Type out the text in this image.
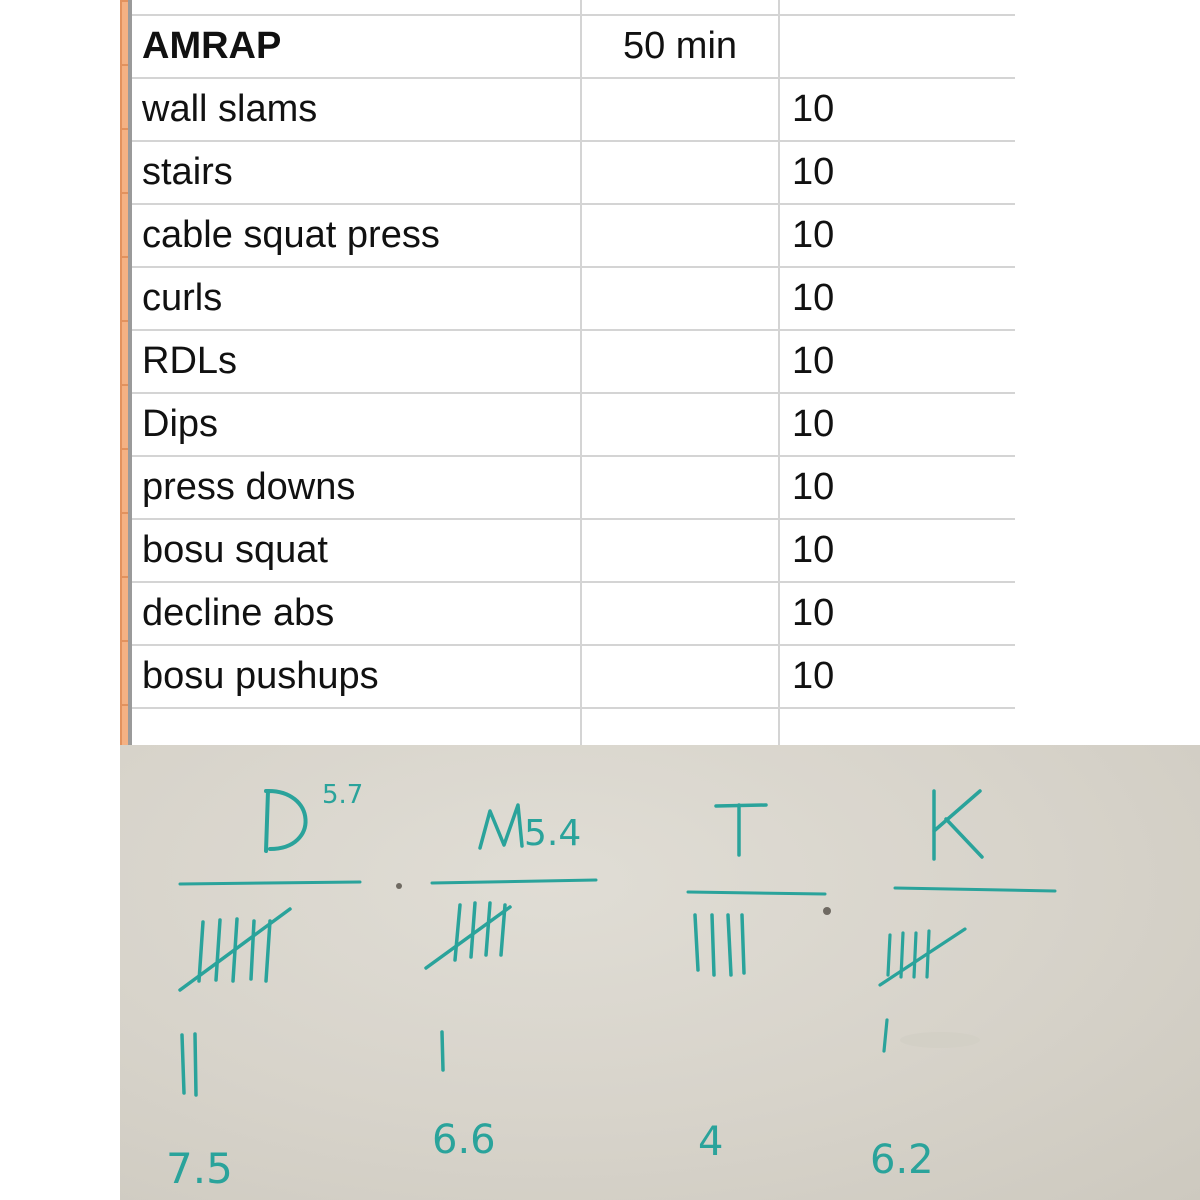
AMRAP	50 min	
wall slams		10
stairs		10
cable squat press		10
curls		10
RDLs		10
Dips		10
press downs		10
bosu squat		10
decline abs		10
bosu pushups		10

5.7
7.5
5.4
6.6	4	6.2
